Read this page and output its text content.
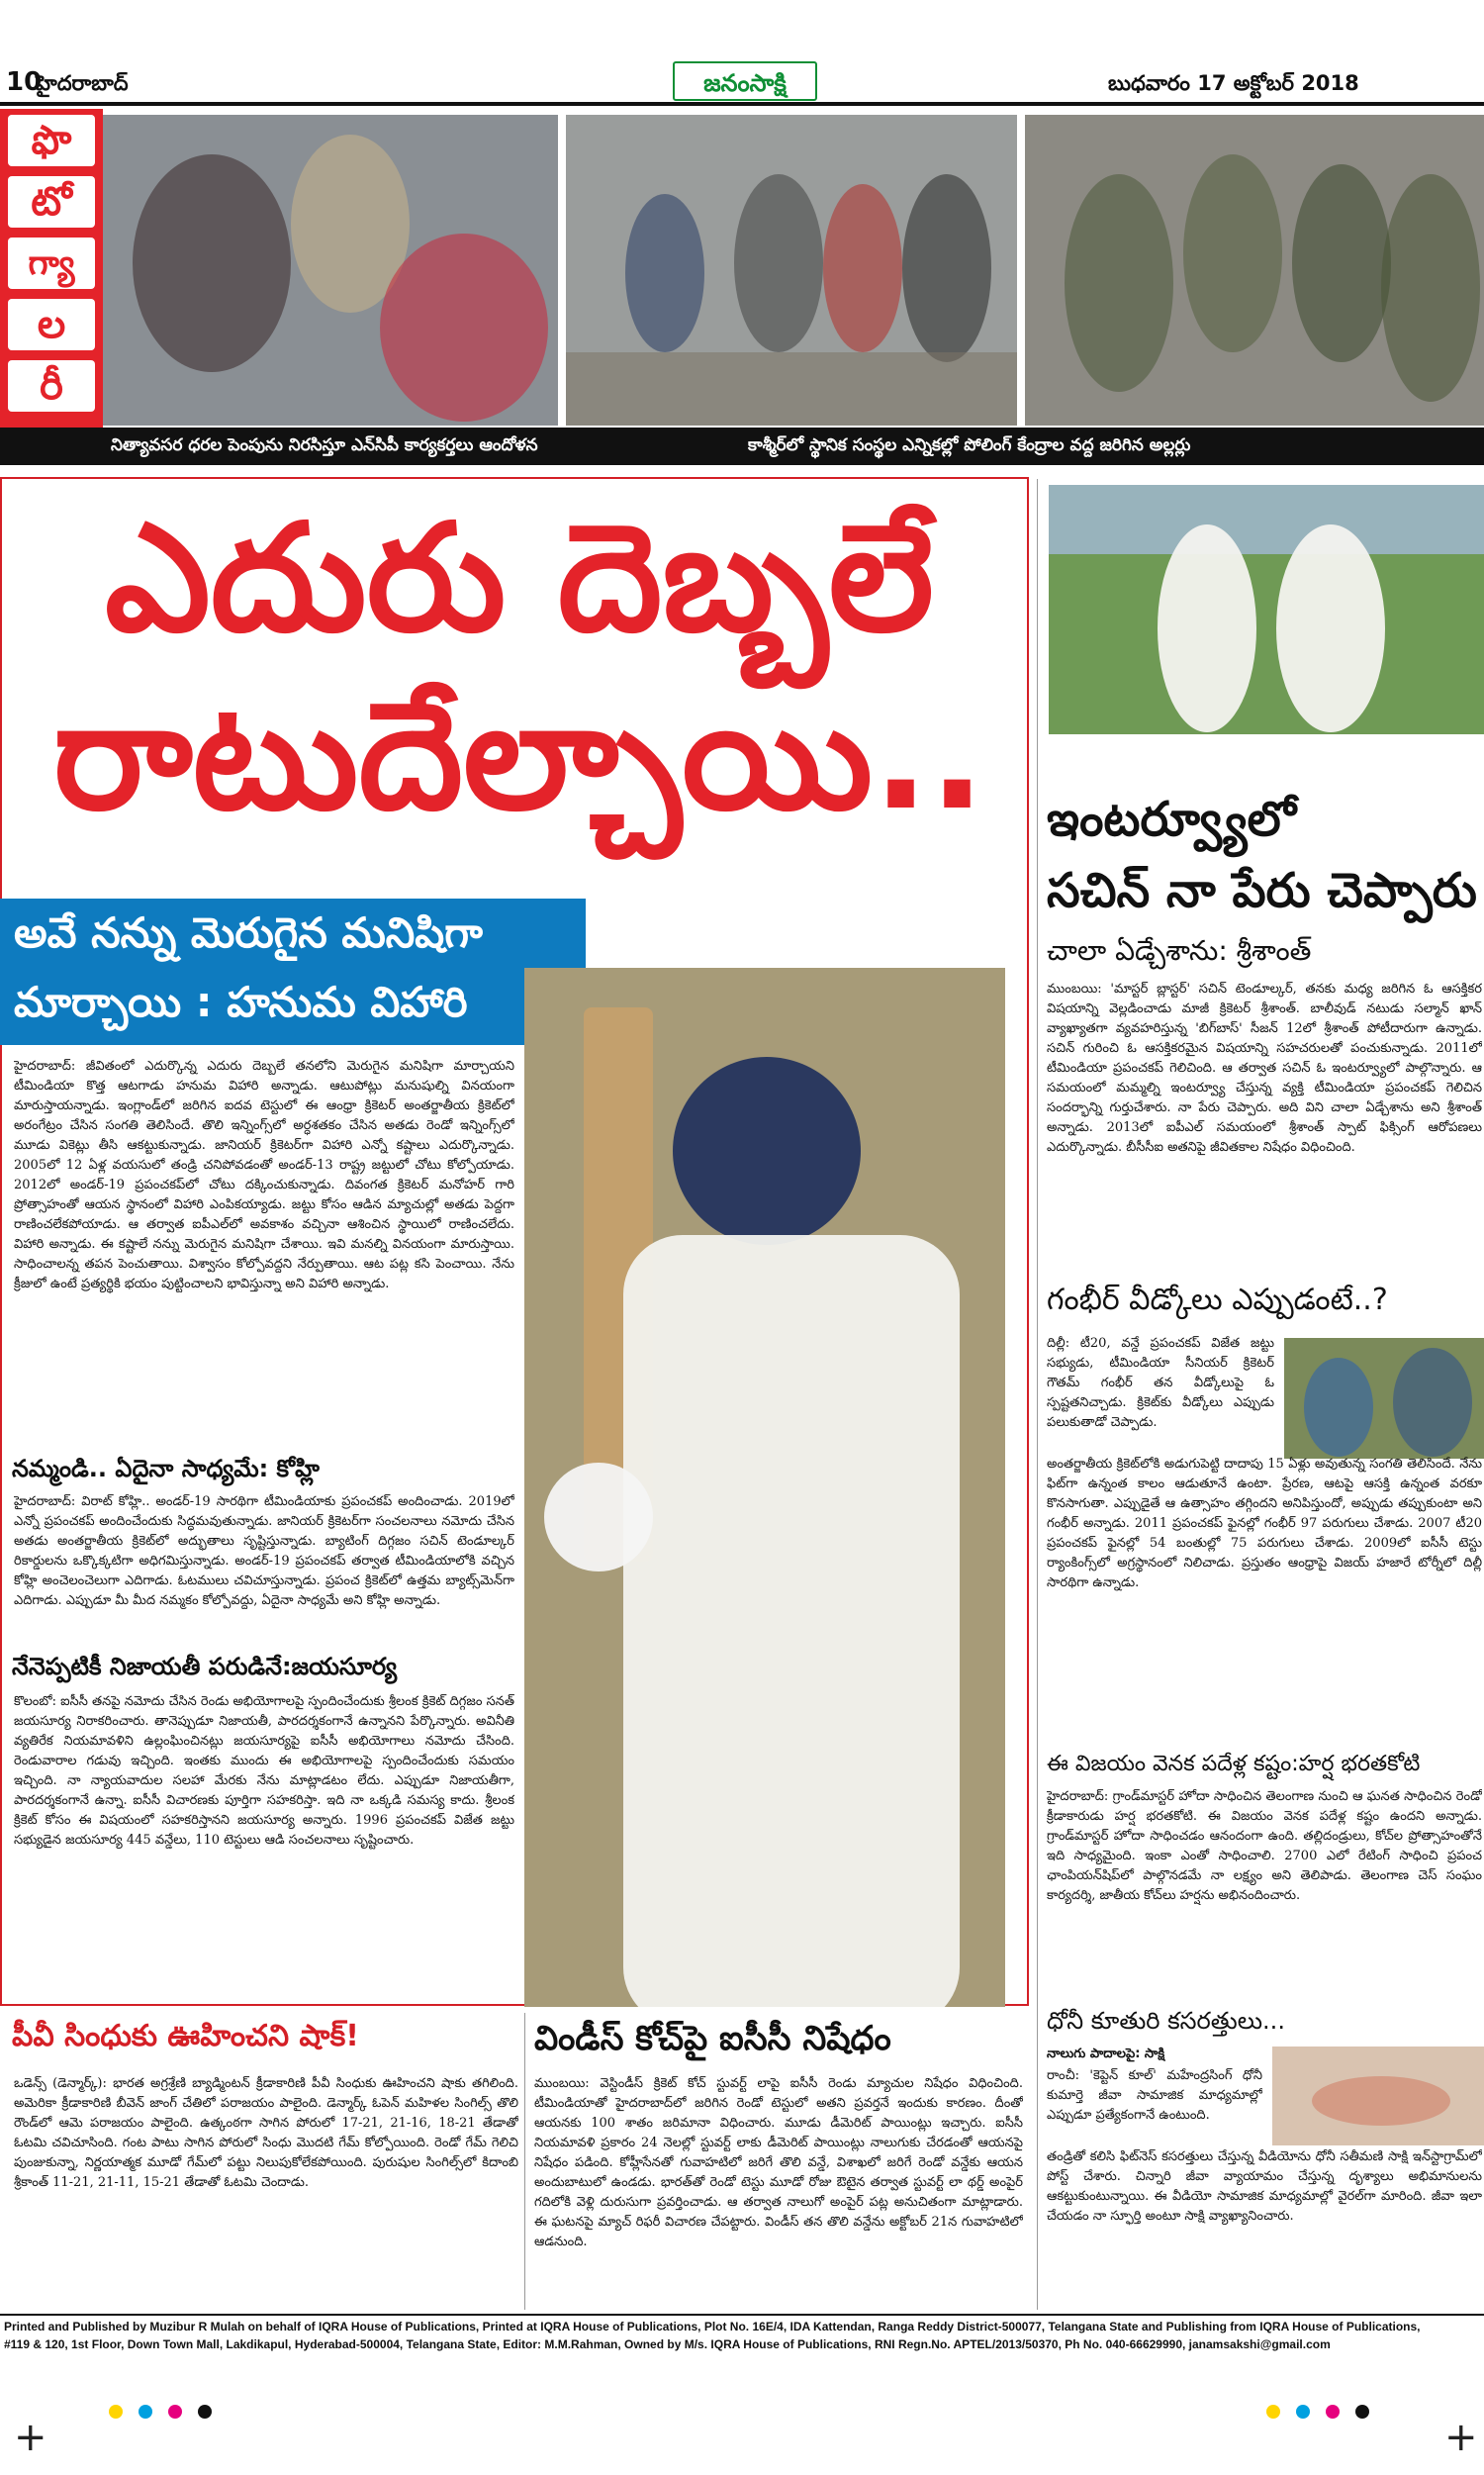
10
హైదరాబాద్	జనంసాక్షి	బుధవారం 17 అక్టోబర్ 2018
ఫొ
టో
గ్యా
ల
రీ
నిత్యావసర ధరల పెంపును నిరసిస్తూ ఎన్‌సిపీ కార్యకర్తలు ఆందోళన	కాశ్మీర్‌లో స్థానిక సంస్థల ఎన్నికల్లో పోలింగ్ కేంద్రాల వద్ద జరిగిన అల్లర్లు
ఎదురు దెబ్బలే
రాటుదేల్చాయి..
అవే నన్ను మెరుగైన మనిషిగా
మార్చాయి : హనుమ విహారి
హైదరాబాద్: జీవితంలో ఎదుర్కొన్న ఎదురు దెబ్బలే తనలోని మెరుగైన మనిషిగా మార్చాయని టీమిండియా కొత్త ఆటగాడు హనుమ విహారి అన్నాడు. ఆటుపోట్లు మనుషుల్ని వినయంగా మారుస్తాయన్నాడు. ఇంగ్లాండ్‌లో జరిగిన ఐదవ టెస్టులో ఈ ఆంధ్రా క్రికెటర్ అంతర్జాతీయ క్రికెట్‌లో అరంగేట్రం చేసిన సంగతి తెలిసిందే. తొలి ఇన్నింగ్స్‌లో అర్ధశతకం చేసిన అతడు రెండో ఇన్నింగ్స్‌లో మూడు వికెట్లు తీసి ఆకట్టుకున్నాడు. జానియర్ క్రికెటర్‌గా విహారి ఎన్నో కష్టాలు ఎదుర్కొన్నాడు. 2005లో 12 ఏళ్ల వయసులో తండ్రి చనిపోవడంతో అండర్-13 రాష్ట్ర జట్టులో చోటు కోల్పోయాడు. 2012లో అండర్-19 ప్రపంచకప్‌లో చోటు దక్కించుకున్నాడు. దివంగత క్రికెటర్ మనోహర్ గారి ప్రోత్సాహంతో ఆయన స్థానంలో విహారి ఎంపికయ్యాడు. జట్టు కోసం ఆడిన మ్యాచుల్లో అతడు పెద్దగా రాణించలేకపోయాడు. ఆ తర్వాత ఐపీఎల్‌లో అవకాశం వచ్చినా ఆశించిన స్థాయిలో రాణించలేదు. విహారి అన్నాడు. ఈ కష్టాలే నన్ను మెరుగైన మనిషిగా చేశాయి. ఇవి మనల్ని వినయంగా మారుస్తాయి. సాధించాలన్న తపన పెంచుతాయి. విశ్వాసం కోల్పోవద్దని నేర్పుతాయి. ఆట పట్ల కసి పెంచాయి. నేను క్రీజులో ఉంటే ప్రత్యర్థికి భయం పుట్టించాలని భావిస్తున్నా అని విహారి అన్నాడు.
నమ్మండి.. ఏదైనా సాధ్యమే: కోహ్లి
హైదరాబాద్: విరాట్ కోహ్లి.. అండర్-19 సారథిగా టీమిండియాకు ప్రపంచకప్ అందించాడు. 2019లో ఎన్నో ప్రపంచకప్ అందించేందుకు సిద్ధమవుతున్నాడు. జానియర్ క్రికెటర్‌గా సంచలనాలు నమోదు చేసిన అతడు అంతర్జాతీయ క్రికెట్‌లో అద్భుతాలు సృష్టిస్తున్నాడు. బ్యాటింగ్ దిగ్గజం సచిన్ టెండూల్కర్ రికార్డులను ఒక్కొక్కటిగా అధిగమిస్తున్నాడు. అండర్-19 ప్రపంచకప్ తర్వాత టీమిండియాలోకి వచ్చిన కోహ్లి అంచెలంచెలుగా ఎదిగాడు. ఓటములు చవిచూస్తున్నాడు. ప్రపంచ క్రికెట్‌లో ఉత్తమ బ్యాట్స్‌మెన్‌గా ఎదిగాడు. ఎప్పుడూ మీ మీద నమ్మకం కోల్పోవద్దు, ఏదైనా సాధ్యమే అని కోహ్లి అన్నాడు.
నేనెప్పటికీ నిజాయతీ పరుడినే:జయసూర్య
కొలంబో: ఐసీసీ తనపై నమోదు చేసిన రెండు అభియోగాలపై స్పందించేందుకు శ్రీలంక క్రికెట్ దిగ్గజం సనత్ జయసూర్య నిరాకరించారు. తానెప్పుడూ నిజాయతీ, పారదర్శకంగానే ఉన్నానని పేర్కొన్నారు. అవినీతి వ్యతిరేక నియమావళిని ఉల్లంఘించినట్లు జయసూర్యపై ఐసీసీ అభియోగాలు నమోదు చేసింది. రెండువారాల గడువు ఇచ్చింది. ఇంతకు ముందు ఈ అభియోగాలపై స్పందించేందుకు సమయం ఇచ్చింది. నా న్యాయవాదుల సలహా మేరకు నేను మాట్లాడటం లేదు. ఎప్పుడూ నిజాయతీగా, పారదర్శకంగానే ఉన్నా. ఐసీసీ విచారణకు పూర్తిగా సహకరిస్తా. ఇది నా ఒక్కడి సమస్య కాదు. శ్రీలంక క్రికెట్ కోసం ఈ విషయంలో సహకరిస్తానని జయసూర్య అన్నారు. 1996 ప్రపంచకప్ విజేత జట్టు సభ్యుడైన జయసూర్య 445 వన్డేలు, 110 టెస్టులు ఆడి సంచలనాలు సృష్టించారు.
విండీస్ కోచ్‌పై ఐసీసీ నిషేధం
ముంబయి: వెస్టిండీస్ క్రికెట్ కోచ్ స్టువర్ట్ లాపై ఐసీసీ రెండు మ్యాచుల నిషేధం విధించింది. టీమిండియాతో హైదరాబాద్‌లో జరిగిన రెండో టెస్టులో అతని ప్రవర్తనే ఇందుకు కారణం. దీంతో ఆయనకు 100 శాతం జరిమానా విధించారు. మూడు డీమెరిట్ పాయింట్లు ఇచ్చారు. ఐసీసీ నియమావళి ప్రకారం 24 నెలల్లో స్టువర్ట్ లాకు డీమెరిట్ పాయింట్లు నాలుగుకు చేరడంతో ఆయనపై నిషేధం పడింది. కోహ్లీసేనతో గువాహటిలో జరిగే తొలి వన్డే, విశాఖలో జరిగే రెండో వన్డేకు ఆయన అందుబాటులో ఉండడు. భారత్‌తో రెండో టెస్టు మూడో రోజు ఔటైన తర్వాత స్టువర్ట్ లా థర్డ్ అంపైర్ గదిలోకి వెళ్లి దురుసుగా ప్రవర్తించాడు. ఆ తర్వాత నాలుగో అంపైర్ పట్ల అనుచితంగా మాట్లాడారు. ఈ ఘటనపై మ్యాచ్ రిఫరీ విచారణ చేపట్టారు. విండీస్ తన తొలి వన్డేను అక్టోబర్ 21న గువాహటిలో ఆడనుంది.
పీవీ సింధుకు ఊహించని షాక్!
ఒడెన్స్ (డెన్మార్క్): భారత అగ్రశ్రేణి బ్యాడ్మింటన్ క్రీడాకారిణి పీవీ సింధుకు ఊహించని షాకు తగిలింది. అమెరికా క్రీడాకారిణి బీవెన్ జాంగ్ చేతిలో పరాజయం పాలైంది. డెన్మార్క్ ఓపెన్ మహిళల సింగిల్స్ తొలి రౌండ్‌లో ఆమె పరాజయం పాలైంది. ఉత్కంఠగా సాగిన పోరులో 17-21, 21-16, 18-21 తేడాతో ఓటమి చవిచూసింది. గంట పాటు సాగిన పోరులో సింధు మొదటి గేమ్ కోల్పోయింది. రెండో గేమ్ గెలిచి పుంజుకున్నా, నిర్ణయాత్మక మూడో గేమ్‌లో పట్టు నిలుపుకోలేకపోయింది. పురుషుల సింగిల్స్‌లో కిదాంబి శ్రీకాంత్ 11-21, 21-11, 15-21 తేడాతో ఓటమి చెందాడు.
ఇంటర్వ్యూలో
సచిన్ నా పేరు చెప్పారు
చాలా ఏడ్చేశాను: శ్రీశాంత్
ముంబయి: 'మాస్టర్ బ్లాస్టర్' సచిన్ టెండూల్కర్, తనకు మధ్య జరిగిన ఓ ఆసక్తికర విషయాన్ని వెల్లడించాడు మాజీ క్రికెటర్ శ్రీశాంత్. బాలీవుడ్ నటుడు సల్మాన్ ఖాన్ వ్యాఖ్యాతగా వ్యవహరిస్తున్న 'బిగ్‌బాస్' సీజన్ 12లో శ్రీశాంత్ పోటీదారుగా ఉన్నాడు. సచిన్ గురించి ఓ ఆసక్తికరమైన విషయాన్ని సహచరులతో పంచుకున్నాడు. 2011లో టీమిండియా ప్రపంచకప్ గెలిచింది. ఆ తర్వాత సచిన్ ఓ ఇంటర్వ్యూలో పాల్గొన్నారు. ఆ సమయంలో మమ్మల్ని ఇంటర్వ్యూ చేస్తున్న వ్యక్తి టీమిండియా ప్రపంచకప్ గెలిచిన సందర్భాన్ని గుర్తుచేశారు. నా పేరు చెప్పారు. అది విని చాలా ఏడ్చేశాను అని శ్రీశాంత్ అన్నాడు. 2013లో ఐపీఎల్ సమయంలో శ్రీశాంత్ స్పాట్ ఫిక్సింగ్ ఆరోపణలు ఎదుర్కొన్నాడు. బీసీసీఐ అతనిపై జీవితకాల నిషేధం విధించింది.
గంభీర్ వీడ్కోలు ఎప్పుడంటే..?
దిల్లీ: టీ20, వన్డే ప్రపంచకప్ విజేత జట్టు సభ్యుడు, టీమిండియా సీనియర్ క్రికెటర్ గౌతమ్ గంభీర్ తన వీడ్కోలుపై ఓ స్పష్టతనిచ్చాడు. క్రికెట్‌కు వీడ్కోలు ఎప్పుడు పలుకుతాడో చెప్పాడు.
అంతర్జాతీయ క్రికెట్‌లోకి అడుగుపెట్టి దాదాపు 15 ఏళ్లు అవుతున్న సంగతి తెలిసిందే. నేను ఫిట్‌గా ఉన్నంత కాలం ఆడుతూనే ఉంటా. ప్రేరణ, ఆటపై ఆసక్తి ఉన్నంత వరకూ కొనసాగుతా. ఎప్పుడైతే ఆ ఉత్సాహం తగ్గిందని అనిపిస్తుందో, అప్పుడు తప్పుకుంటా అని గంభీర్ అన్నాడు. 2011 ప్రపంచకప్ ఫైనల్లో గంభీర్ 97 పరుగులు చేశాడు. 2007 టీ20 ప్రపంచకప్ ఫైనల్లో 54 బంతుల్లో 75 పరుగులు చేశాడు. 2009లో ఐసీసీ టెస్టు ర్యాంకింగ్స్‌లో అగ్రస్థానంలో నిలిచాడు. ప్రస్తుతం ఆంధ్రాపై విజయ్ హజారే టోర్నీలో దిల్లీ సారథిగా ఉన్నాడు.
ఈ విజయం వెనక పదేళ్ల కష్టం:హర్ష భరతకోటి
హైదరాబాద్: గ్రాండ్‌మాస్టర్ హోదా సాధించిన తెలంగాణ నుంచి ఆ ఘనత సాధించిన రెండో క్రీడాకారుడు హర్ష భరతకోటి. ఈ విజయం వెనక పదేళ్ల కష్టం ఉందని అన్నాడు. గ్రాండ్‌మాస్టర్ హోదా సాధించడం ఆనందంగా ఉంది. తల్లిదండ్రులు, కోచ్‌ల ప్రోత్సాహంతోనే ఇది సాధ్యమైంది. ఇంకా ఎంతో సాధించాలి. 2700 ఎలో రేటింగ్ సాధించి ప్రపంచ ఛాంపియన్‌షిప్‌లో పాల్గొనడమే నా లక్ష్యం అని తెలిపాడు. తెలంగాణ చెస్ సంఘం కార్యదర్శి, జాతీయ కోచ్‌లు హర్షను అభినందించారు.
ధోనీ కూతురి కసరత్తులు...
నాలుగు పాదాలపై: సాక్షి
రాంచీ: 'కెప్టెన్ కూల్' మహేంద్రసింగ్ ధోనీ కుమార్తె జీవా సామాజిక మాధ్యమాల్లో ఎప్పుడూ ప్రత్యేకంగానే ఉంటుంది.
తండ్రితో కలిసి ఫిట్‌నెస్ కసరత్తులు చేస్తున్న వీడియోను ధోనీ సతీమణి సాక్షి ఇన్‌స్టాగ్రామ్‌లో పోస్ట్ చేశారు. చిన్నారి జీవా వ్యాయామం చేస్తున్న దృశ్యాలు అభిమానులను ఆకట్టుకుంటున్నాయి. ఈ వీడియో సామాజిక మాధ్యమాల్లో వైరల్‌గా మారింది. జీవా ఇలా చేయడం నా స్ఫూర్తి అంటూ సాక్షి వ్యాఖ్యానించారు.
Printed and Published by Muzibur R Mulah on behalf of IQRA House of Publications, Printed at IQRA House of Publications, Plot No. 16E/4, IDA Kattendan, Ranga Reddy District-500077, Telangana State and Publishing from IQRA House of Publications,
#119 & 120, 1st Floor, Down Town Mall, Lakdikapul, Hyderabad-500004, Telangana State, Editor: M.M.Rahman, Owned by M/s. IQRA House of Publications, RNI Regn.No. APTEL/2013/50370, Ph No. 040-66629990, janamsakshi@gmail.com
+	+
